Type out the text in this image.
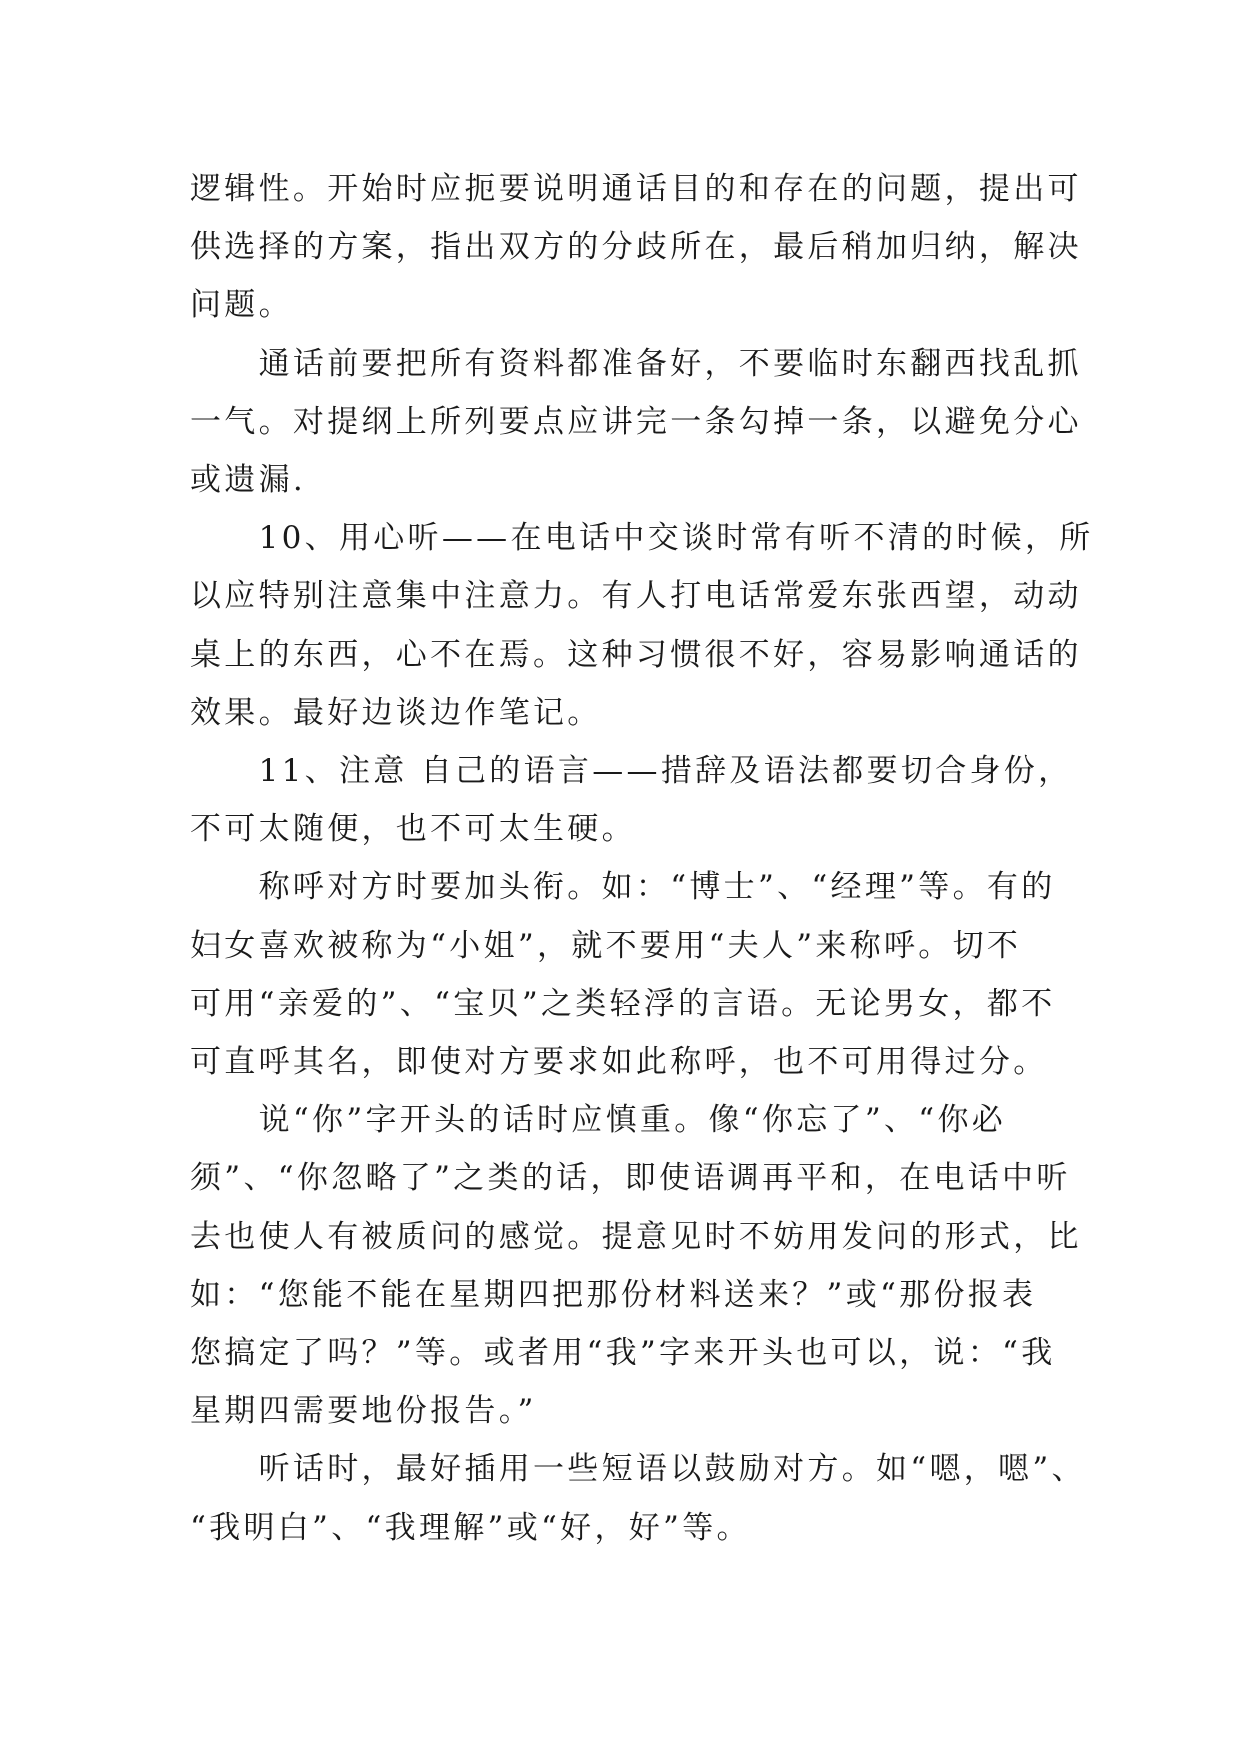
逻辑性。开始时应扼要说明通话目的和存在的问题，提出可
供选择的方案，指出双方的分歧所在，最后稍加归纳，解决
问题。

　　通话前要把所有资料都准备好，不要临时东翻西找乱抓
一气。对提纲上所列要点应讲完一条勾掉一条，以避免分心
或遗漏.

　　10、用心听——在电话中交谈时常有听不清的时候，所
以应特别注意集中注意力。有人打电话常爱东张西望，动动
桌上的东西，心不在焉。这种习惯很不好，容易影响通话的
效果。最好边谈边作笔记。

　　11、注意 自己的语言——措辞及语法都要切合身份，
不可太随便，也不可太生硬。

　　称呼对方时要加头衔。如：“博士”、“经理”等。有的
妇女喜欢被称为“小姐”，就不要用“夫人”来称呼。切不
可用“亲爱的”、“宝贝”之类轻浮的言语。无论男女，都不
可直呼其名，即使对方要求如此称呼，也不可用得过分。

　　说“你”字开头的话时应慎重。像“你忘了”、“你必
须”、“你忽略了”之类的话，即使语调再平和，在电话中听
去也使人有被质问的感觉。提意见时不妨用发问的形式，比
如：“您能不能在星期四把那份材料送来？”或“那份报表
您搞定了吗？”等。或者用“我”字来开头也可以，说：“我
星期四需要地份报告。”

　　听话时，最好插用一些短语以鼓励对方。如“嗯，嗯”、
“我明白”、“我理解”或“好，好”等。
